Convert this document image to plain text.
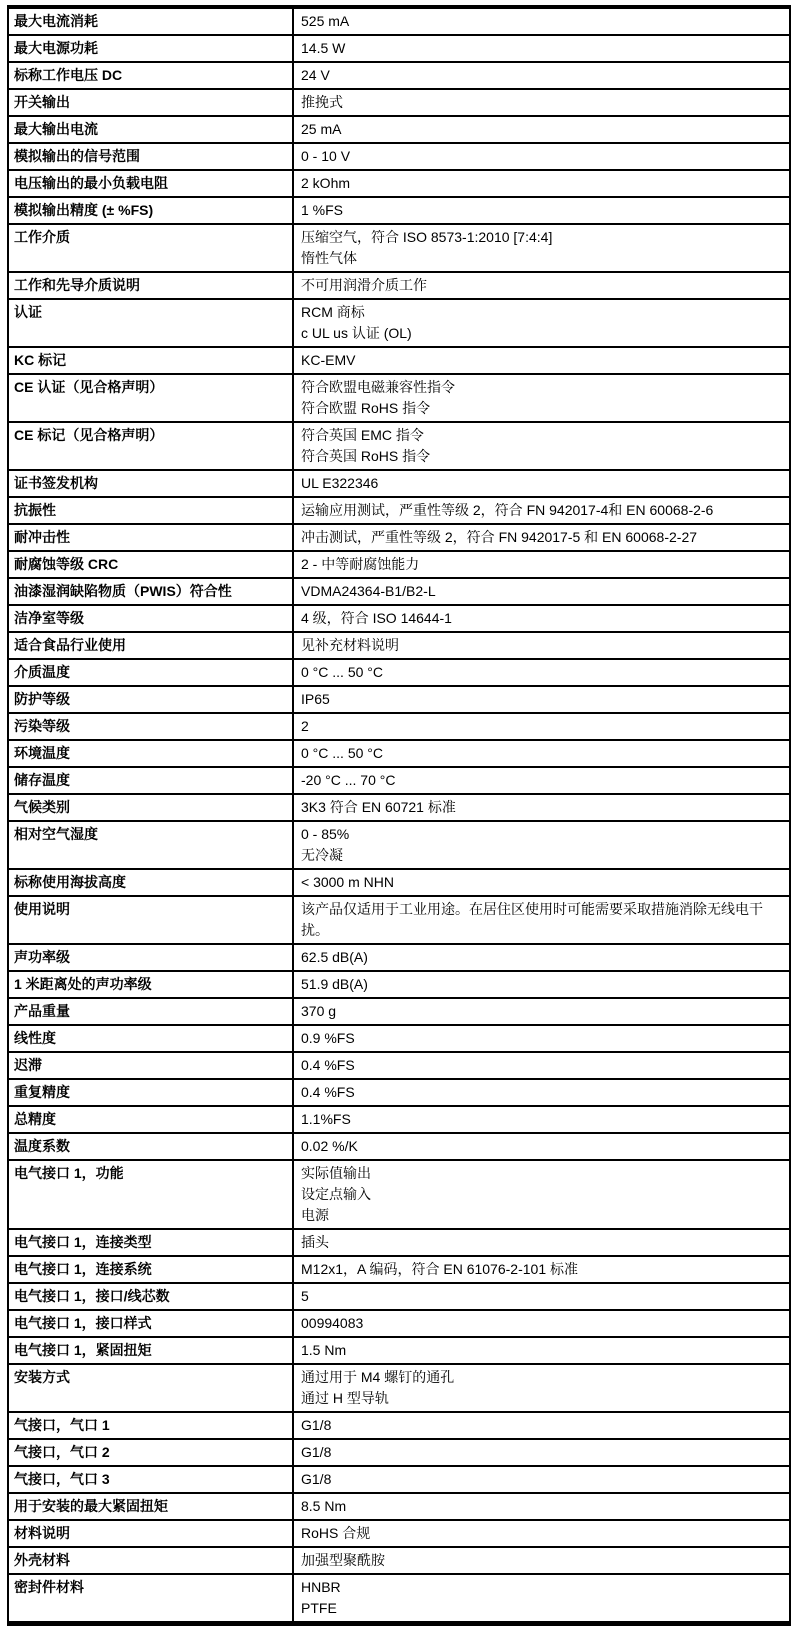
最大电流消耗	525 mA

最大电源功耗	14.5 W

标称工作电压 DC	24 V

开关输出	推挽式

最大输出电流	25 mA

模拟输出的信号范围	0 - 10 V

电压输出的最小负载电阻	2 kOhm

模拟输出精度 (± %FS)	1 %FS

工作介质	压缩空气，符合 ISO 8573-1:2010 [7:4:4]
惰性气体

工作和先导介质说明	不可用润滑介质工作

认证	RCM 商标
c UL us 认证 (OL)

KC 标记	KC-EMV

CE 认证（见合格声明）	符合欧盟电磁兼容性指令
符合欧盟 RoHS 指令

CE 标记（见合格声明）	符合英国 EMC 指令
符合英国 RoHS 指令

证书签发机构	UL E322346

抗振性	运输应用测试，严重性等级 2，符合 FN 942017-4和 EN 60068-2-6

耐冲击性	冲击测试，严重性等级 2，符合 FN 942017-5 和 EN 60068-2-27

耐腐蚀等级 CRC	2 - 中等耐腐蚀能力

油漆湿润缺陷物质（PWIS）符合性	VDMA24364-B1/B2-L

洁净室等级	4 级，符合 ISO 14644-1

适合食品行业使用	见补充材料说明

介质温度	0 °C ... 50 °C

防护等级	IP65

污染等级	2

环境温度	0 °C ... 50 °C

储存温度	-20 °C ... 70 °C

气候类别	3K3 符合 EN 60721 标准

相对空气湿度	0 - 85%
无冷凝

标称使用海拔高度	< 3000 m NHN

使用说明	该产品仅适用于工业用途。在居住区使用时可能需要采取措施消除无线电干扰。

声功率级	62.5 dB(A)

1 米距离处的声功率级	51.9 dB(A)

产品重量	370 g

线性度	0.9 %FS

迟滞	0.4 %FS

重复精度	0.4 %FS

总精度	1.1%FS

温度系数	0.02 %/K

电气接口 1，功能	实际值输出
设定点输入
电源

电气接口 1，连接类型	插头

电气接口 1，连接系统	M12x1，A 编码，符合 EN 61076-2-101 标准

电气接口 1，接口/线芯数	5

电气接口 1，接口样式	00994083

电气接口 1，紧固扭矩	1.5 Nm

安装方式	通过用于 M4 螺钉的通孔
通过 H 型导轨

气接口，气口 1	G1/8

气接口，气口 2	G1/8

气接口，气口 3	G1/8

用于安装的最大紧固扭矩	8.5 Nm

材料说明	RoHS 合规

外壳材料	加强型聚酰胺

密封件材料	HNBR
PTFE
